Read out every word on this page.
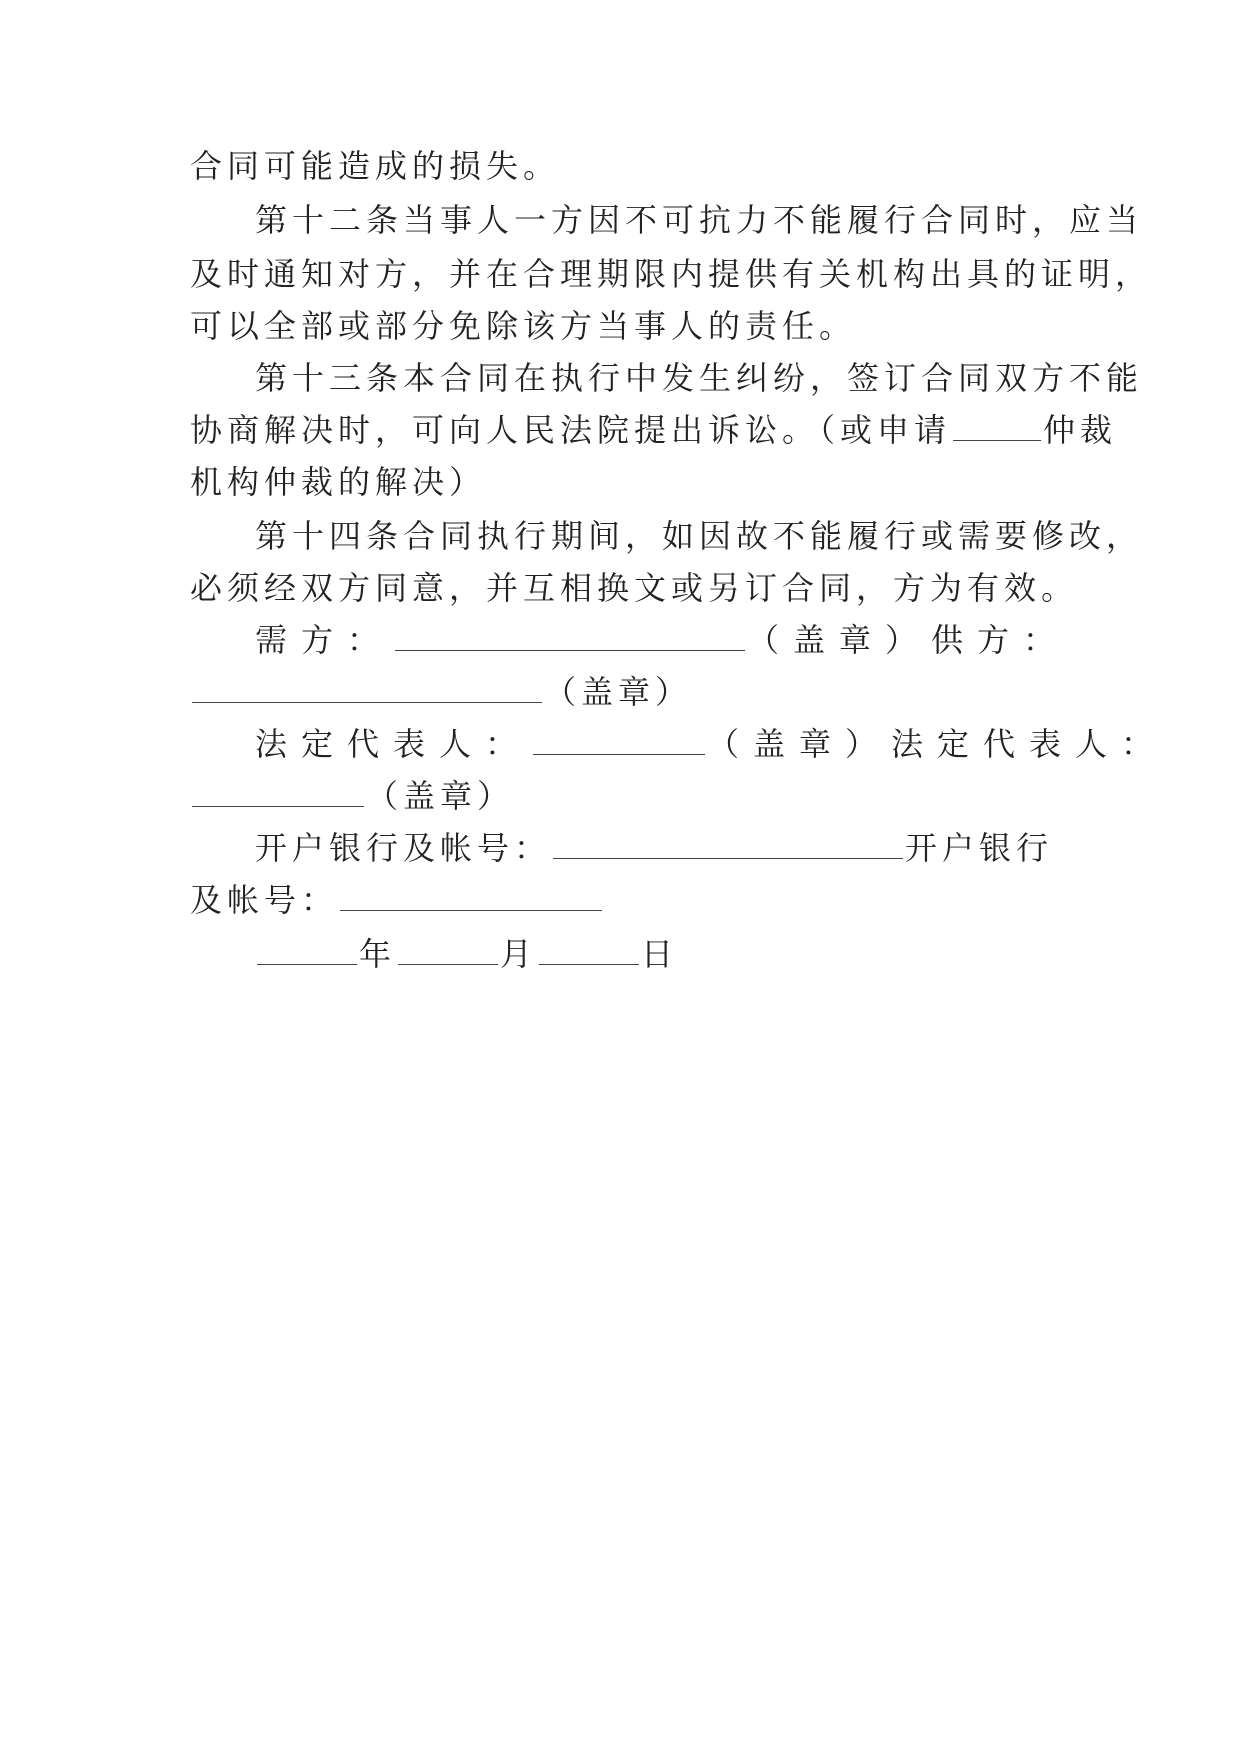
合同可能造成的损失。
第十二条当事人一方因不可抗力不能履行合同时，应当
及时通知对方，并在合理期限内提供有关机构出具的证明，
可以全部或部分免除该方当事人的责任。
第十三条本合同在执行中发生纠纷，签订合同双方不能
协商解决时，可向人民法院提出诉讼。（或申请	仲裁
机构仲裁的解决）
第十四条合同执行期间，如因故不能履行或需要修改，
必须经双方同意，并互相换文或另订合同，方为有效。
需方：	（盖章）供方：
（盖章）
法定代表人：	（盖章）法定代表人：
（盖章）
开户银行及帐号：	开户银行
及帐号：
年	月	日
